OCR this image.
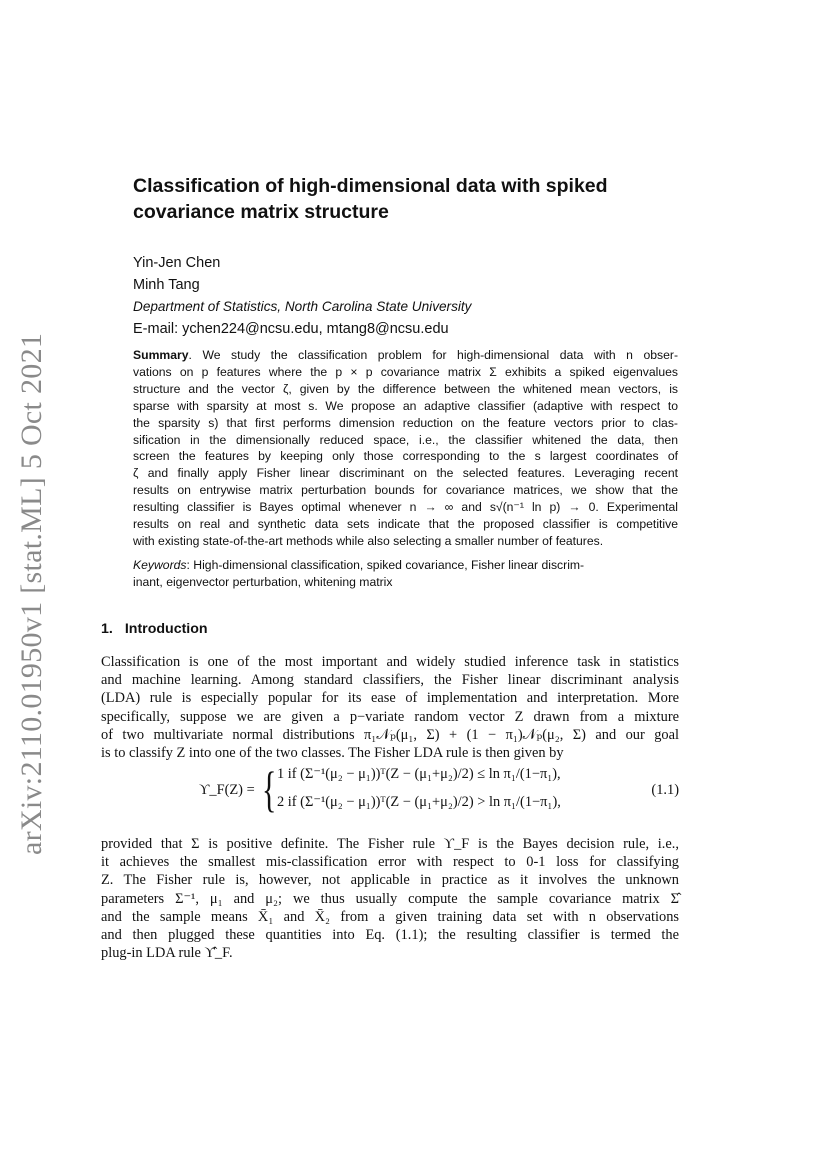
arXiv:2110.01950v1 [stat.ML] 5 Oct 2021
Classification of high-dimensional data with spiked
covariance matrix structure
Yin-Jen Chen
Minh Tang
Department of Statistics, North Carolina State University
E-mail: ychen224@ncsu.edu, mtang8@ncsu.edu
Summary. We study the classification problem for high-dimensional data with n obser-
vations on p features where the p × p covariance matrix Σ exhibits a spiked eigenvalues
structure and the vector ζ, given by the difference between the whitened mean vectors, is
sparse with sparsity at most s. We propose an adaptive classifier (adaptive with respect to
the sparsity s) that first performs dimension reduction on the feature vectors prior to clas-
sification in the dimensionally reduced space, i.e., the classifier whitened the data, then
screen the features by keeping only those corresponding to the s largest coordinates of
ζ and finally apply Fisher linear discriminant on the selected features. Leveraging recent
results on entrywise matrix perturbation bounds for covariance matrices, we show that the
resulting classifier is Bayes optimal whenever n → ∞ and s√(n⁻¹ ln p) → 0. Experimental
results on real and synthetic data sets indicate that the proposed classifier is competitive
with existing state-of-the-art methods while also selecting a smaller number of features.
Keywords: High-dimensional classification, spiked covariance, Fisher linear discrim-
inant, eigenvector perturbation, whitening matrix
1. Introduction
Classification is one of the most important and widely studied inference task in statistics
and machine learning. Among standard classifiers, the Fisher linear discriminant analysis
(LDA) rule is especially popular for its ease of implementation and interpretation. More
specifically, suppose we are given a p−variate random vector Z drawn from a mixture
of two multivariate normal distributions π₁𝒩ₚ(μ₁, Σ) + (1 − π₁)𝒩ₚ(μ₂, Σ) and our goal
is to classify Z into one of the two classes. The Fisher LDA rule is then given by
ϒ_F(Z) = { 1 if (Σ⁻¹(μ₂ − μ₁))ᵀ(Z − (μ₁+μ₂)/2) ≤ ln π₁/(1−π₁),
2 if (Σ⁻¹(μ₂ − μ₁))ᵀ(Z − (μ₁+μ₂)/2) > ln π₁/(1−π₁),
(1.1)
provided that Σ is positive definite. The Fisher rule ϒ_F is the Bayes decision rule, i.e.,
it achieves the smallest mis-classification error with respect to 0-1 loss for classifying
Z. The Fisher rule is, however, not applicable in practice as it involves the unknown
parameters Σ⁻¹, μ₁ and μ₂; we thus usually compute the sample covariance matrix Σ̂
and the sample means X̄₁ and X̄₂ from a given training data set with n observations
and then plugged these quantities into Eq. (1.1); the resulting classifier is termed the
plug-in LDA rule ϒ̂_F.
